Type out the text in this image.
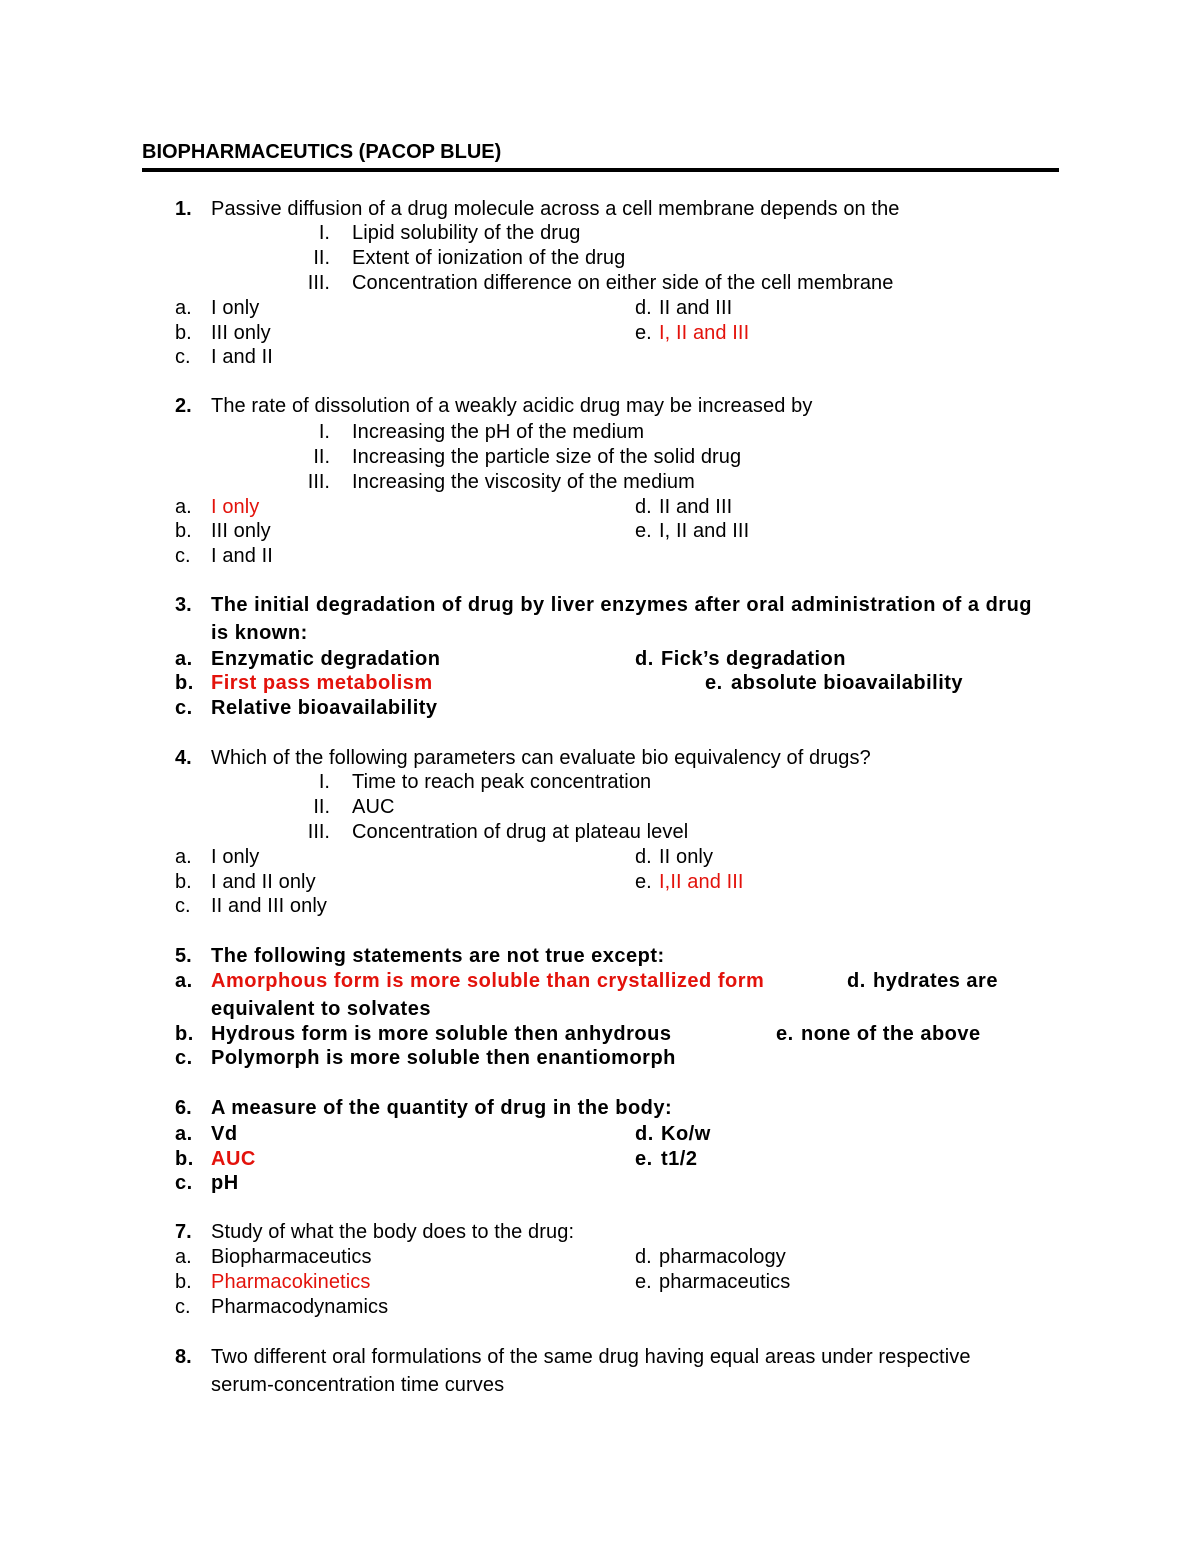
BIOPHARMACEUTICS (PACOP BLUE)
1. Passive diffusion of a drug molecule across a cell membrane depends on the
I. Lipid solubility of the drug
II. Extent of ionization of the drug
III. Concentration difference on either side of the cell membrane
a. I only
b. III only
c. I and II
d. II and III
e. I, II and III
2. The rate of dissolution of a weakly acidic drug may be increased by
I. Increasing the pH of the medium
II. Increasing the particle size of the solid drug
III. Increasing the viscosity of the medium
a. I only
b. III only
c. I and II
d. II and III
e. I, II and III
3. The initial degradation of drug by liver enzymes after oral administration of a drug
is known:
a. Enzymatic degradation
b. First pass metabolism
c. Relative bioavailability
d. Fick’s degradation
e. absolute bioavailability
4. Which of the following parameters can evaluate bio equivalency of drugs?
I. Time to reach peak concentration
II. AUC
III. Concentration of drug at plateau level
a. I only
b. I and II only
c. II and III only
d. II only
e. I,II and III
5. The following statements are not true except:
a. Amorphous form is more soluble than crystallized form	d. hydrates are
equivalent to solvates
b. Hydrous form is more soluble then anhydrous	e. none of the above
c. Polymorph is more soluble then enantiomorph
6. A measure of the quantity of drug in the body:
a. Vd
b. AUC
c. pH
d. Ko/w
e. t1/2
7. Study of what the body does to the drug:
a. Biopharmaceutics
b. Pharmacokinetics
c. Pharmacodynamics
d. pharmacology
e. pharmaceutics
8. Two different oral formulations of the same drug having equal areas under respective
serum-concentration time curves
